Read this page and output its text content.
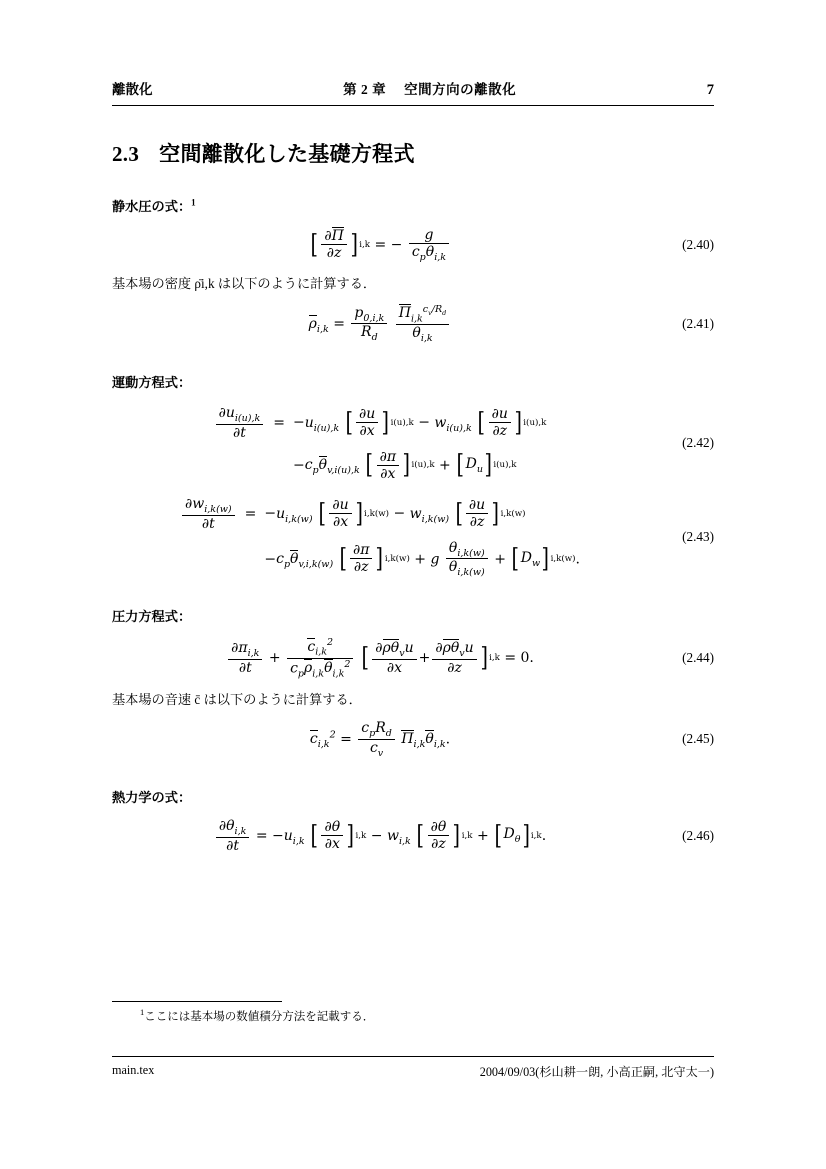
離散化	第 2 章 空間方向の離散化	7
2.3 空間離散化した基礎方程式
静水圧の式：$^1$
[ $\frac{\partial\Pi}{\partial z}$ ] i,k = − $\frac{g}{c_p\theta_{i,k}}$	(2.40)

基本場の密度 ρ̄i,k は以下のように計算する．

$\rho_{i,k} = \frac{p_{0,i,k}}{R_d}$
$\frac{\Pi_{i,k}^{c_v/R_d}}{\theta_{i,k}}$	(2.41)
運動方程式：
$\frac{\partial u_{i(u),k}}{\partial t} = -u_{i(u),k}$ [ $\frac{\partial u}{\partial x}$ ] $i(u),k - w_{i(u),k}$ [ $\frac{\partial u}{\partial z}$ ] i(u),k
$-c_p\theta_{v,i(u),k}$ [ $\frac{\partial\pi}{\partial x}$ ] i(u),k + [ $D_u$ ] i(u),k
(2.42)
$\frac{\partial w_{i,k(w)}}{\partial t} = -u_{i,k(w)}$ [ $\frac{\partial u}{\partial x}$ ] $i,k(w) - w_{i,k(w)}$ [ $\frac{\partial u}{\partial z}$ ] i,k(w)
$-c_p\theta_{v,i,k(w)}$ [ $\frac{\partial\pi}{\partial z}$ ] i,k(w) + g $\frac{\theta_{i,k(w)}}{\theta_{i,k(w)}}$ + [ $D_w$ ] i,k(w) .
(2.43)
圧力方程式：
$\frac{\partial\pi_{i,k}}{\partial t} + \frac{c_{i,k}^2}{c_p\rho_{i,k}\theta_{i,k}^2}$
[ $\frac{\partial\rho\theta_vu}{\partial x} + \frac{\partial\rho\theta_vu}{\partial z}$ ] i,k = 0.	(2.44)

基本場の音速 c̄ は以下のように計算する．

$c_{i,k}^2 = \frac{c_pR_d}{c_v} \Pi_{i,k}\theta_{i,k}$.	(2.45)
熱力学の式：
$\frac{\partial\theta_{i,k}}{\partial t} = -u_{i,k}$ [ $\frac{\partial\theta}{\partial x}$ ] $i,k - w_{i,k}$ [ $\frac{\partial\theta}{\partial z}$ ] i,k + [ $D_\theta$ ] i,k .	(2.46)
$^1$ここには基本場の数値積分方法を記載する．
main.tex	2004/09/03(杉山耕一朗, 小高正嗣, 北守太一)
